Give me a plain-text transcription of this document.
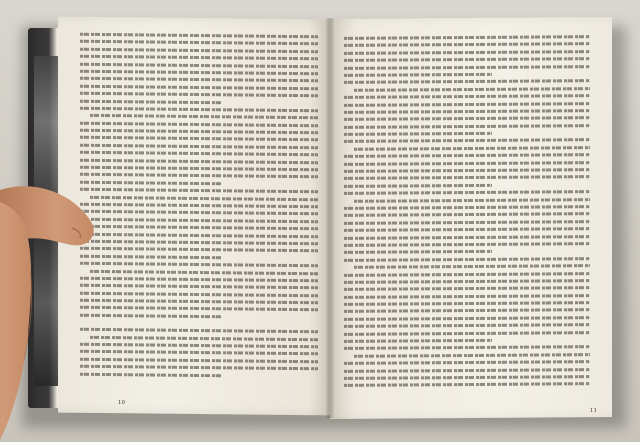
10
11
